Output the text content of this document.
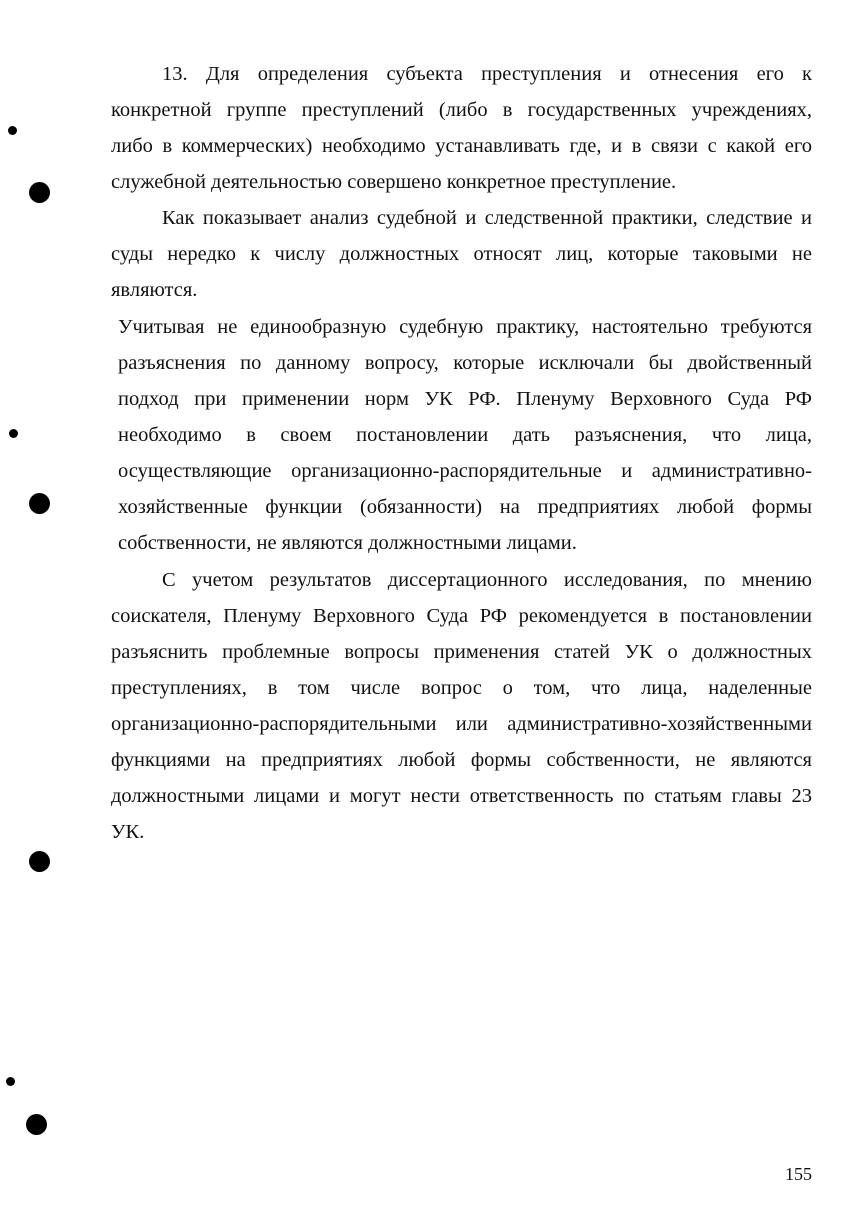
13. Для определения субъекта преступления и отнесения его к
конкретной группе преступлений (либо в государственных учреждениях,
либо в коммерческих) необходимо устанавливать где, и в связи с какой его
служебной деятельностью совершено конкретное преступление.
Как показывает анализ судебной и следственной практики, следствие и
суды нередко к числу должностных относят лиц, которые таковыми не
являются.
Учитывая не единообразную судебную практику, настоятельно требуются
разъяснения по данному вопросу, которые исключали бы двойственный
подход при применении норм УК РФ. Пленуму Верховного Суда РФ
необходимо в своем постановлении дать разъяснения, что лица,
осуществляющие организационно-распорядительные и административно-
хозяйственные функции (обязанности) на предприятиях любой формы
собственности, не являются должностными лицами.
С учетом результатов диссертационного исследования, по мнению
соискателя, Пленуму Верховного Суда РФ рекомендуется в постановлении
разъяснить проблемные вопросы применения статей УК о должностных
преступлениях, в том числе вопрос о том, что лица, наделенные
организационно-распорядительными или административно-хозяйственными
функциями на предприятиях любой формы собственности, не являются
должностными лицами и могут нести ответственность по статьям главы 23
УК.
155
